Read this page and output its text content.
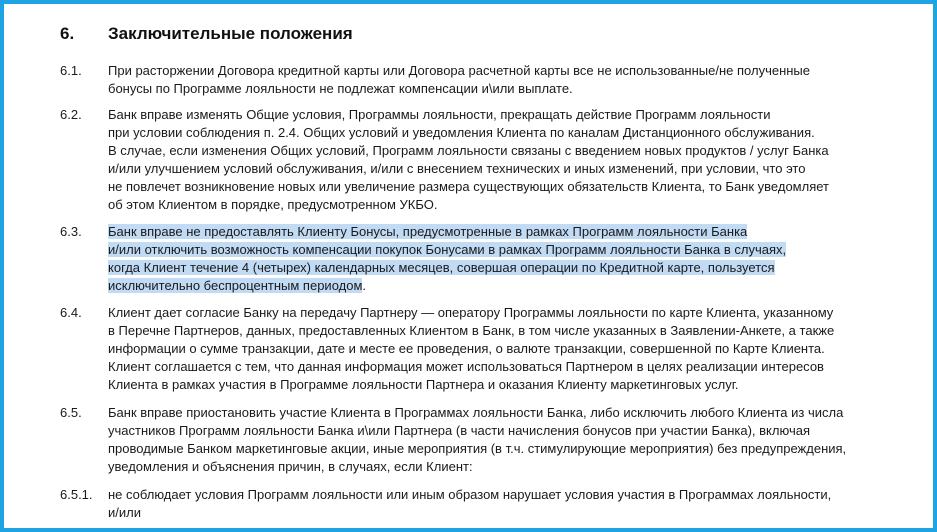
6. Заключительные положения
6.1. При расторжении Договора кредитной карты или Договора расчетной карты все не использованные/не полученные
бонусы по Программе лояльности не подлежат компенсации и\или выплате.
6.2. Банк вправе изменять Общие условия, Программы лояльности, прекращать действие Программ лояльности
при условии соблюдения п. 2.4. Общих условий и уведомления Клиента по каналам Дистанционного обслуживания.
В случае, если изменения Общих условий, Программ лояльности связаны с введением новых продуктов / услуг Банка
и/или улучшением условий обслуживания, и/или с внесением технических и иных изменений, при условии, что это
не повлечет возникновение новых или увеличение размера существующих обязательств Клиента, то Банк уведомляет
об этом Клиентом в порядке, предусмотренном УКБО.
6.3. Банк вправе не предоставлять Клиенту Бонусы, предусмотренные в рамках Программ лояльности Банка
и/или отключить возможность компенсации покупок Бонусами в рамках Программ лояльности Банка в случаях,
когда Клиент течение 4 (четырех) календарных месяцев, совершая операции по Кредитной карте, пользуется
исключительно беспроцентным периодом.
6.4. Клиент дает согласие Банку на передачу Партнеру — оператору Программы лояльности по карте Клиента, указанному
в Перечне Партнеров, данных, предоставленных Клиентом в Банк, в том числе указанных в Заявлении-Анкете, а также
информации о сумме транзакции, дате и месте ее проведения, о валюте транзакции, совершенной по Карте Клиента.
Клиент соглашается с тем, что данная информация может использоваться Партнером в целях реализации интересов
Клиента в рамках участия в Программе лояльности Партнера и оказания Клиенту маркетинговых услуг.
6.5. Банк вправе приостановить участие Клиента в Программах лояльности Банка, либо исключить любого Клиента из числа
участников Программ лояльности Банка и\или Партнера (в части начисления бонусов при участии Банка), включая
проводимые Банком маркетинговые акции, иные мероприятия (в т.ч. стимулирующие мероприятия) без предупреждения,
уведомления и объяснения причин, в случаях, если Клиент:
6.5.1. не соблюдает условия Программ лояльности или иным образом нарушает условия участия в Программах лояльности,
и/или
